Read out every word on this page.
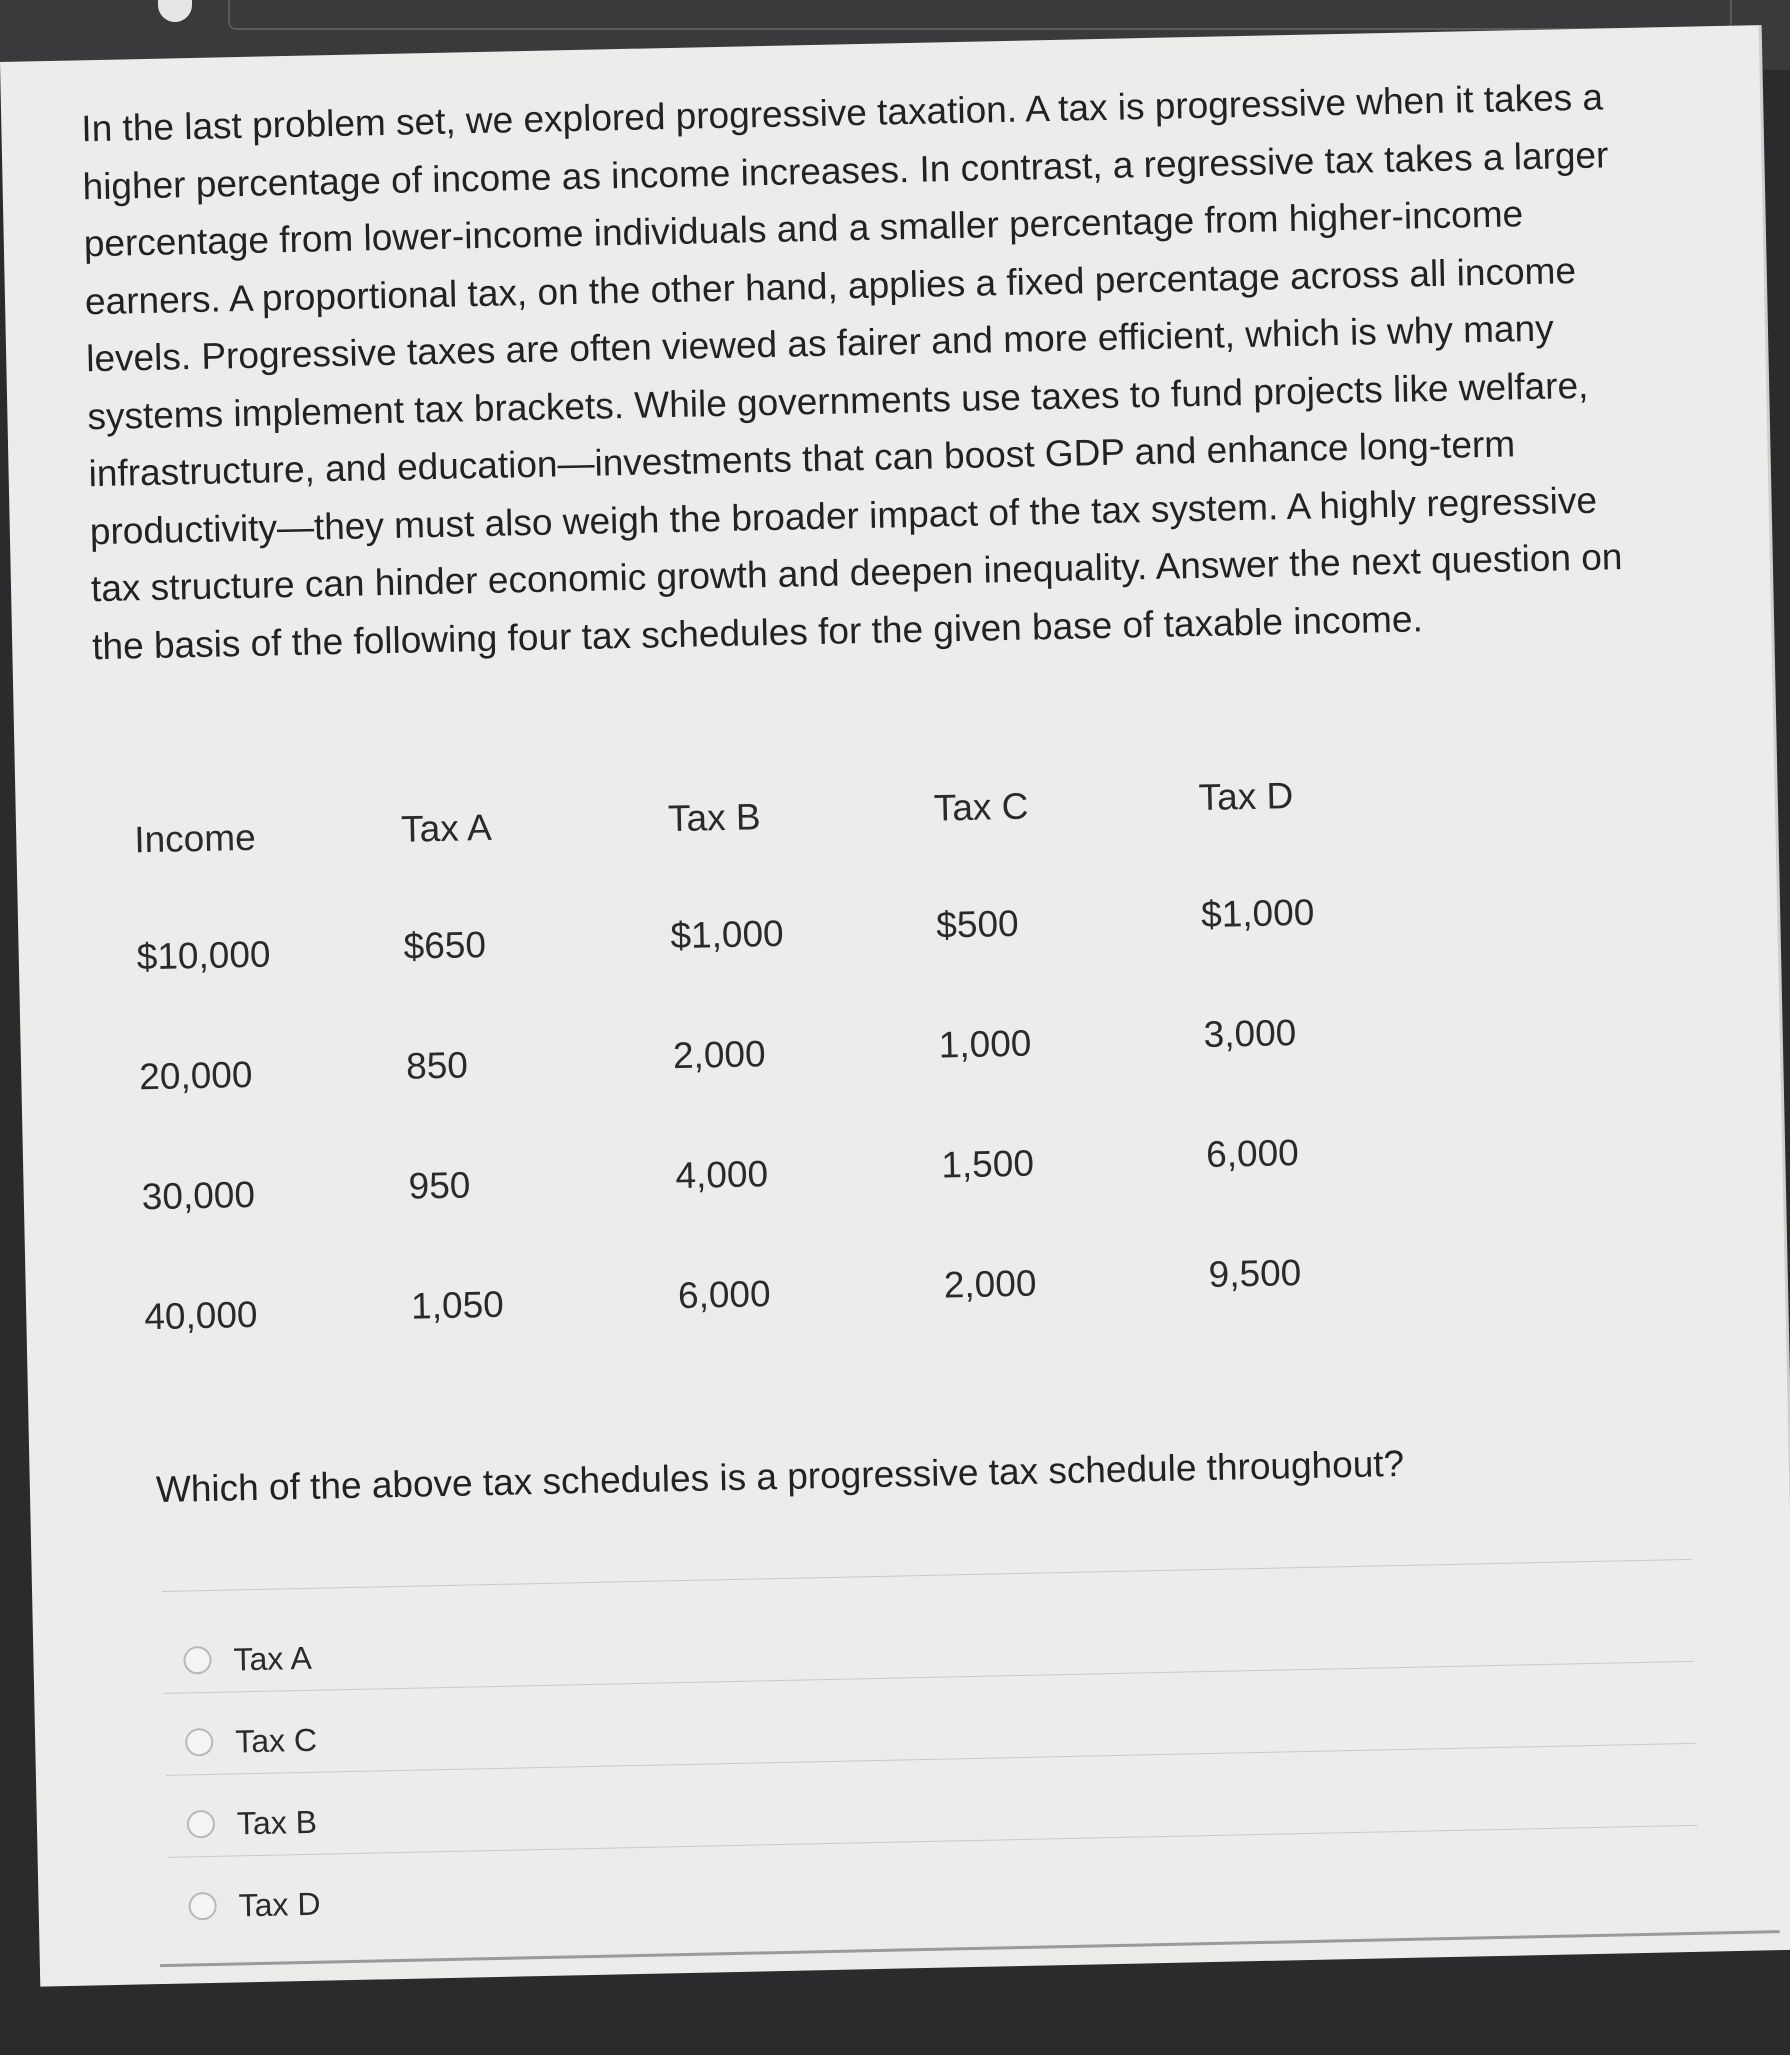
In the last problem set, we explored progressive taxation. A tax is progressive when it takes a higher percentage of income as income increases. In contrast, a regressive tax takes a larger percentage from lower-income individuals and a smaller percentage from higher-income earners. A proportional tax, on the other hand, applies a fixed percentage across all income levels. Progressive taxes are often viewed as fairer and more efficient, which is why many systems implement tax brackets. While governments use taxes to fund projects like welfare, infrastructure, and education—investments that can boost GDP and enhance long-term productivity—they must also weigh the broader impact of the tax system. A highly regressive tax structure can hinder economic growth and deepen inequality. Answer the next question on the basis of the following four tax schedules for the given base of taxable income.

Income
$10,000
20,000
30,000
40,000
Tax A
$650
850
950
1,050
Tax B
$1,000
2,000
4,000
6,000
Tax C
$500
1,000
1,500
2,000
Tax D
$1,000
3,000
6,000
9,500
Which of the above tax schedules is a progressive tax schedule throughout?
Tax A
Tax C
Tax B
Tax D
